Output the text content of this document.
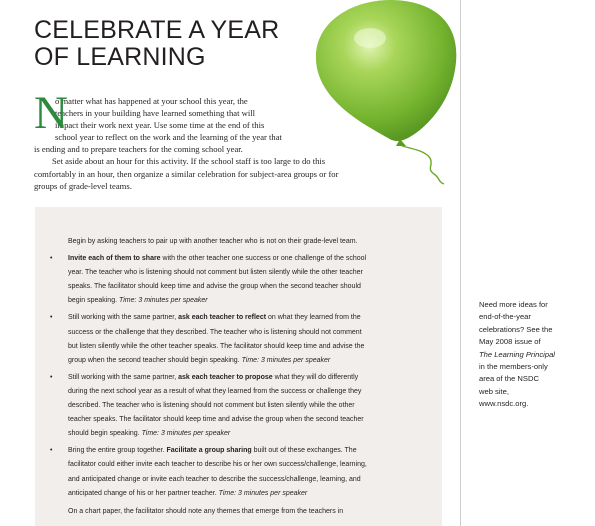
CELEBRATE A YEAR
OF LEARNING
N
o matter what has happened at your school this year, the
teachers in your building have learned something that will
impact their work next year. Use some time at the end of this
school year to reflect on the work and the learning of the year that
is ending and to prepare teachers for the coming school year.

Set aside about an hour for this activity. If the school staff is too large to do this comfortably in an hour, then organize a similar celebration for subject-area groups or for groups of grade-level teams.

Need more ideas for
end-of-the-year
celebrations? See the
May 2008 issue of
The Learning Principal
in the members-only
area of the NSDC
web site,
www.nsdc.org.

Begin by asking teachers to pair up with another teacher who is not on their grade-level team.

• Invite each of them to share with the other teacher one success or one challenge of the school
year. The teacher who is listening should not comment but listen silently while the other teacher
speaks. The facilitator should keep time and advise the group when the second teacher should
begin speaking. Time: 3 minutes per speaker
• Still working with the same partner, ask each teacher to reflect on what they learned from the
success or the challenge that they described. The teacher who is listening should not comment
but listen silently while the other teacher speaks. The facilitator should keep time and advise the
group when the second teacher should begin speaking. Time: 3 minutes per speaker
• Still working with the same partner, ask each teacher to propose what they will do differently
during the next school year as a result of what they learned from the success or challenge they
described. The teacher who is listening should not comment but listen silently while the other
teacher speaks. The facilitator should keep time and advise the group when the second teacher
should begin speaking. Time: 3 minutes per speaker
• Bring the entire group together. Facilitate a group sharing built out of these exchanges. The
facilitator could either invite each teacher to describe his or her own success/challenge, learning,
and anticipated change or invite each teacher to describe the success/challenge, learning, and
anticipated change of his or her partner teacher. Time: 3 minutes per speaker

On a chart paper, the facilitator should note any themes that emerge from the teachers in
